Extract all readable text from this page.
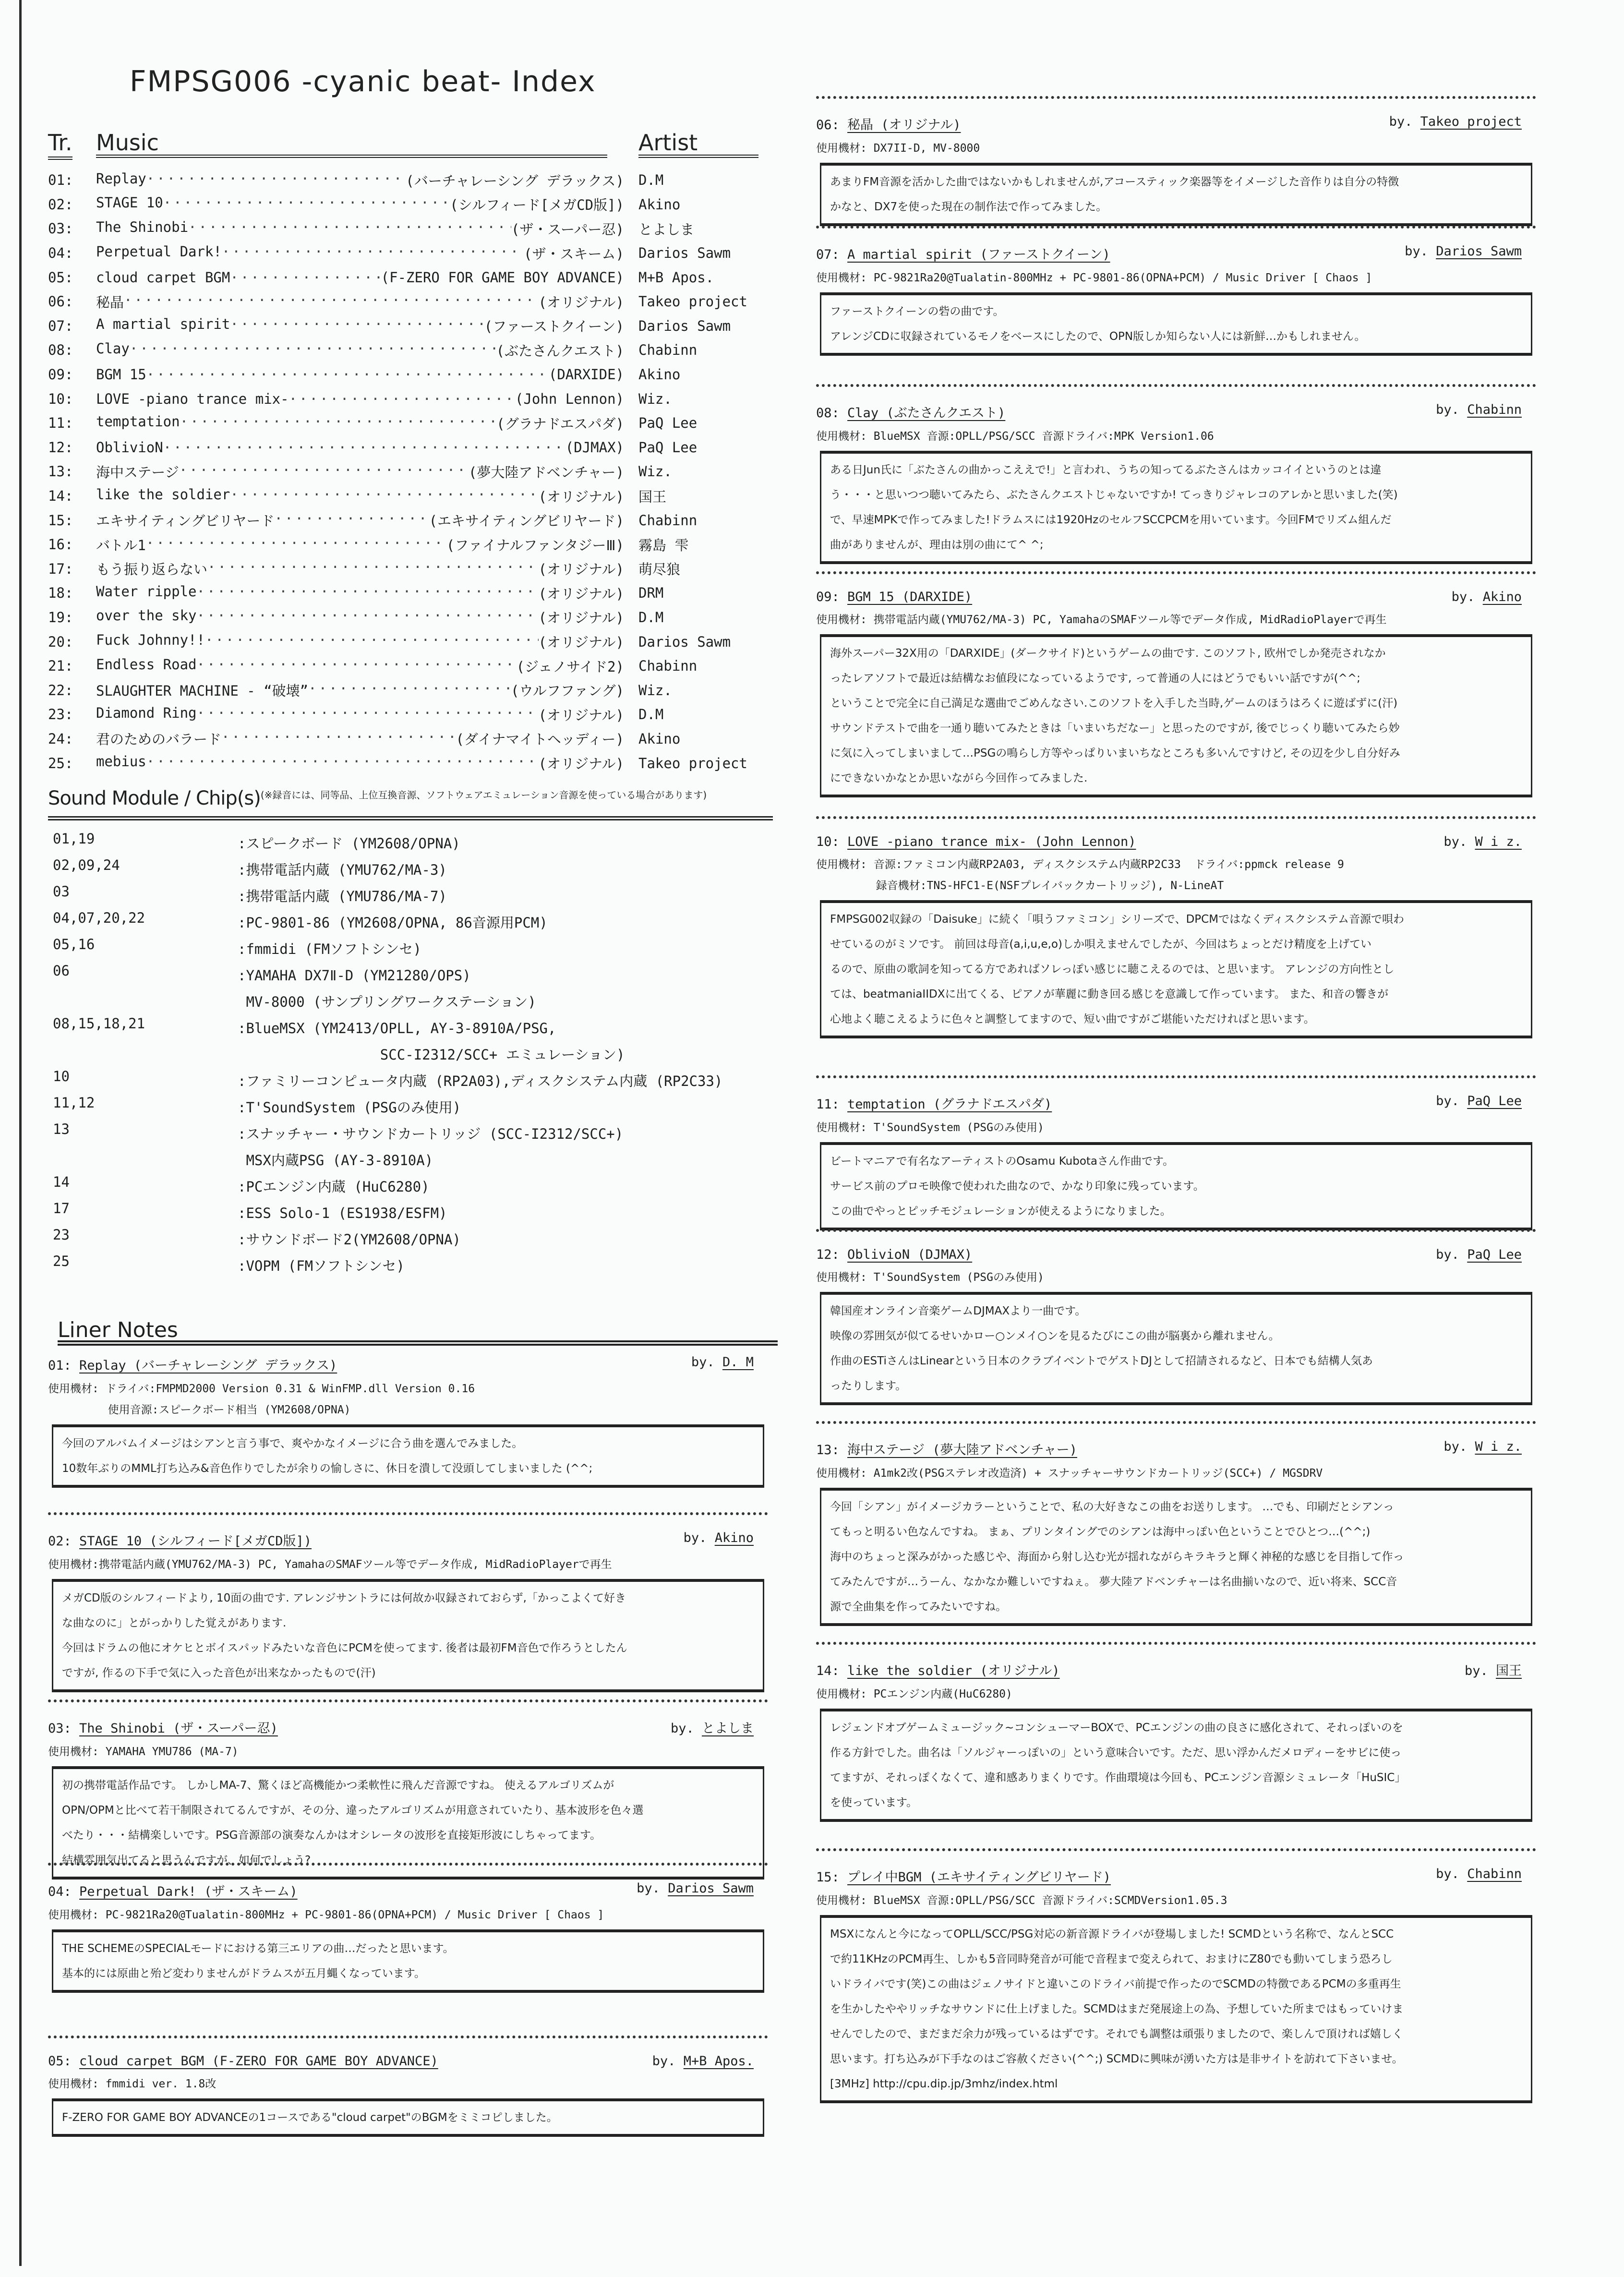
FMPSG006 -cyanic beat- Index
Tr. Music	Artist
01:	Replay ·····	(バーチャレーシング デラックス) D.M
02:	STAGE 10 ·····	(シルフィード[メガCD版]) Akino
03:	The Shinobi ·····	(ザ・スーパー忍) とよしま
04:	Perpetual Dark! ·····	(ザ・スキーム) Darios Sawm
05:	cloud carpet BGM ·····	(F-ZERO FOR GAME BOY ADVANCE) M+B Apos.
06:	秘晶 ·····	(オリジナル) Takeo project
07:	A martial spirit ·····	(ファーストクイーン) Darios Sawm
08:	Clay ·····	(ぶたさんクエスト) Chabinn
09:	BGM 15 ·····	(DARXIDE) Akino
10:	LOVE -piano trance mix- ·····	(John Lennon) Wiz.
11:	temptation ·····	(グラナドエスパダ) PaQ Lee
12:	OblivioN ·····	(DJMAX) PaQ Lee
13:	海中ステージ ·····	(夢大陸アドベンチャー) Wiz.
14:	like the soldier ·····	(オリジナル) 国王
15:	エキサイティングビリヤード ·····	(エキサイティングビリヤード) Chabinn
16:	バトル1 ·····	(ファイナルファンタジーⅢ) 霧島 雫
17:	もう振り返らない ·····	(オリジナル) 萌尽狼
18:	Water ripple ·····	(オリジナル) DRM
19:	over the sky ·····	(オリジナル) D.M
20:	Fuck Johnny!! ·····	(オリジナル) Darios Sawm
21:	Endless Road ·····	(ジェノサイド2) Chabinn
22:	SLAUGHTER MACHINE - “破壊” ·····	(ウルフファング) Wiz.
23:	Diamond Ring ·····	(オリジナル) D.M
24:	君のためのバラード ·····	(ダイナマイトヘッディー) Akino
25:	mebius ·····	(オリジナル) Takeo project
Sound Module / Chip(s) (※録音には、同等品、上位互換音源、ソフトウェアエミュレーション音源を使っている場合があります)
01,19	:スピークボード (YM2608/OPNA)
02,09,24	:携帯電話内蔵 (YMU762/MA-3)
03	:携帯電話内蔵 (YMU786/MA-7)
04,07,20,22	:PC-9801-86 (YM2608/OPNA, 86音源用PCM)
05,16	:fmmidi (FMソフトシンセ)
06	:YAMAHA DX7Ⅱ-D (YM21280/OPS)
MV-8000 (サンプリングワークステーション)
08,15,18,21	:BlueMSX (YM2413/OPLL, AY-3-8910A/PSG,
SCC-I2312/SCC+ エミュレーション)
10	:ファミリーコンピュータ内蔵 (RP2A03),ディスクシステム内蔵 (RP2C33)
11,12	:T'SoundSystem (PSGのみ使用)
13	:スナッチャー・サウンドカートリッジ (SCC-I2312/SCC+)
MSX内蔵PSG (AY-3-8910A)
14	:PCエンジン内蔵 (HuC6280)
17	:ESS Solo-1 (ES1938/ESFM)
23	:サウンドボード2(YM2608/OPNA)
25	:VOPM (FMソフトシンセ)
Liner Notes
01: Replay (バーチャレーシング デラックス)	by. D. M
使用機材: ドライバ:FMPMD2000 Version 0.31 & WinFMP.dll Version 0.16
使用音源:スピークボード相当 (YM2608/OPNA)
今回のアルバムイメージはシアンと言う事で、爽やかなイメージに合う曲を選んでみました。
10数年ぶりのMML打ち込み&音色作りでしたが余りの愉しさに、休日を潰して没頭してしまいました (^^;
02: STAGE 10 (シルフィード[メガCD版])	by. Akino
使用機材:携帯電話内蔵(YMU762/MA-3) PC, YamahaのSMAFツール等でデータ作成, MidRadioPlayerで再生
メガCD版のシルフィードより, 10面の曲です. アレンジサントラには何故か収録されておらず,「かっこよくて好き
な曲なのに」とがっかりした覚えがあります.
今回はドラムの他にオケヒとボイスパッドみたいな音色にPCMを使ってます. 後者は最初FM音色で作ろうとしたん
ですが, 作るの下手で気に入った音色が出来なかったもので(汗)
03: The Shinobi (ザ・スーパー忍)	by. とよしま
使用機材: YAMAHA YMU786 (MA-7)
初の携帯電話作品です。 しかしMA-7、驚くほど高機能かつ柔軟性に飛んだ音源ですね。 使えるアルゴリズムが
OPN/OPMと比べて若干制限されてるんですが、その分、違ったアルゴリズムが用意されていたり、基本波形を色々選
べたり・・・結構楽しいです。PSG音源部の演奏なんかはオシレータの波形を直接矩形波にしちゃってます。
結構雰囲気出てると思うんですが、如何でしょう?
04: Perpetual Dark! (ザ・スキーム)	by. Darios Sawm
使用機材: PC-9821Ra20@Tualatin-800MHz + PC-9801-86(OPNA+PCM) / Music Driver [ Chaos ]
THE SCHEMEのSPECIALモードにおける第三エリアの曲…だったと思います。
基本的には原曲と殆ど変わりませんがドラムスが五月蝿くなっています。
05: cloud carpet BGM (F-ZERO FOR GAME BOY ADVANCE)	by. M+B Apos.
使用機材: fmmidi ver. 1.8改
F-ZERO FOR GAME BOY ADVANCEの1コースである"cloud carpet"のBGMをミミコピしました。
06: 秘晶 (オリジナル)	by. Takeo project
使用機材: DX7II-D, MV-8000
あまりFM音源を活かした曲ではないかもしれませんが,アコースティック楽器等をイメージした音作りは自分の特徴
かなと、DX7を使った現在の制作法で作ってみました。
07: A martial spirit (ファーストクイーン)	by. Darios Sawm
使用機材: PC-9821Ra20@Tualatin-800MHz + PC-9801-86(OPNA+PCM) / Music Driver [ Chaos ]
ファーストクイーンの砦の曲です。
アレンジCDに収録されているモノをベースにしたので、OPN版しか知らない人には新鮮…かもしれません。
08: Clay (ぶたさんクエスト)	by. Chabinn
使用機材: BlueMSX 音源:OPLL/PSG/SCC 音源ドライバ:MPK Version1.06
ある日Jun氏に「ぶたさんの曲かっこええで!」と言われ、うちの知ってるぶたさんはカッコイイというのとは違
う・・・と思いつつ聴いてみたら、ぶたさんクエストじゃないですか! てっきりジャレコのアレかと思いました(笑)
で、早速MPKで作ってみました!ドラムスには1920HzのセルフSCCPCMを用いています。今回FMでリズム組んだ
曲がありませんが、理由は別の曲にて^ ^;
09: BGM 15 (DARXIDE)	by. Akino
使用機材: 携帯電話内蔵(YMU762/MA-3) PC, YamahaのSMAFツール等でデータ作成, MidRadioPlayerで再生
海外スーパー32X用の「DARXIDE」(ダークサイド)というゲームの曲です. このソフト, 欧州でしか発売されなか
ったレアソフトで最近は結構なお値段になっているようです, って普通の人にはどうでもいい話ですが(^^;
ということで完全に自己満足な選曲でごめんなさい.このソフトを入手した当時,ゲームのほうはろくに遊ばずに(汗)
サウンドテストで曲を一通り聴いてみたときは「いまいちだなー」と思ったのですが, 後でじっくり聴いてみたら妙
に気に入ってしまいまして…PSGの鳴らし方等やっぱりいまいちなところも多いんですけど, その辺を少し自分好み
にできないかなとか思いながら今回作ってみました.
10: LOVE -piano trance mix- (John Lennon)	by. W i z.
使用機材: 音源:ファミコン内蔵RP2A03, ディスクシステム内蔵RP2C33  ドライバ:ppmck release 9
録音機材:TNS-HFC1-E(NSFプレイバックカートリッジ), N-LineAT
FMPSG002収録の「Daisuke」に続く「唄うファミコン」シリーズで、DPCMではなくディスクシステム音源で唄わ
せているのがミソです。 前回は母音(a,i,u,e,o)しか唄えませんでしたが、今回はちょっとだけ精度を上げてい
るので、原曲の歌詞を知ってる方であればソレっぽい感じに聴こえるのでは、と思います。 アレンジの方向性とし
ては、beatmaniaIIDXに出てくる、ピアノが華麗に動き回る感じを意識して作っています。 また、和音の響きが
心地よく聴こえるように色々と調整してますので、短い曲ですがご堪能いただければと思います。
11: temptation (グラナドエスパダ)	by. PaQ Lee
使用機材: T'SoundSystem (PSGのみ使用)
ビートマニアで有名なアーティストのOsamu Kubotaさん作曲です。
サービス前のプロモ映像で使われた曲なので、かなり印象に残っています。
この曲でやっとピッチモジュレーションが使えるようになりました。
12: OblivioN (DJMAX)	by. PaQ Lee
使用機材: T'SoundSystem (PSGのみ使用)
韓国産オンライン音楽ゲームDJMAXより一曲です。
映像の雰囲気が似てるせいかロー○ンメイ○ンを見るたびにこの曲が脳裏から離れません。
作曲のESTiさんはLinearという日本のクラブイベントでゲストDJとして招請されるなど、日本でも結構人気あ
ったりします。
13: 海中ステージ (夢大陸アドベンチャー)	by. W i z.
使用機材: A1mk2改(PSGステレオ改造済) + スナッチャーサウンドカートリッジ(SCC+) / MGSDRV
今回「シアン」がイメージカラーということで、私の大好きなこの曲をお送りします。 …でも、印刷だとシアンっ
てもっと明るい色なんですね。 まぁ、プリンタイングでのシアンは海中っぽい色ということでひとつ…(^^;)
海中のちょっと深みがかった感じや、海面から射し込む光が揺れながらキラキラと輝く神秘的な感じを目指して作っ
てみたんですが…うーん、なかなか難しいですねぇ。 夢大陸アドベンチャーは名曲揃いなので、近い将来、SCC音
源で全曲集を作ってみたいですね。
14: like the soldier (オリジナル)	by. 国王
使用機材: PCエンジン内蔵(HuC6280)
レジェンドオブゲームミュージック~コンシューマーBOXで、PCエンジンの曲の良さに感化されて、それっぽいのを
作る方針でした。曲名は「ソルジャーっぽいの」という意味合いです。ただ、思い浮かんだメロディーをサビに使っ
てますが、それっぽくなくて、違和感ありまくりです。作曲環境は今回も、PCエンジン音源シミュレータ「HuSIC」
を使っています。
15: プレイ中BGM (エキサイティングビリヤード)	by. Chabinn
使用機材: BlueMSX 音源:OPLL/PSG/SCC 音源ドライバ:SCMDVersion1.05.3
MSXになんと今になってOPLL/SCC/PSG対応の新音源ドライバが登場しました! SCMDという名称で、なんとSCC
で約11KHzのPCM再生、しかも5音同時発音が可能で音程まで変えられて、おまけにZ80でも動いてしまう恐ろし
いドライバです(笑)この曲はジェノサイドと違いこのドライバ前提で作ったのでSCMDの特徴であるPCMの多重再生
を生かしたややリッチなサウンドに仕上げました。SCMDはまだ発展途上の為、予想していた所まではもっていけま
せんでしたので、まだまだ余力が残っているはずです。それでも調整は頑張りましたので、楽しんで頂ければ嬉しく
思います。打ち込みが下手なのはご容赦ください(^^;) SCMDに興味が湧いた方は是非サイトを訪れて下さいませ。
[3MHz] http://cpu.dip.jp/3mhz/index.html
